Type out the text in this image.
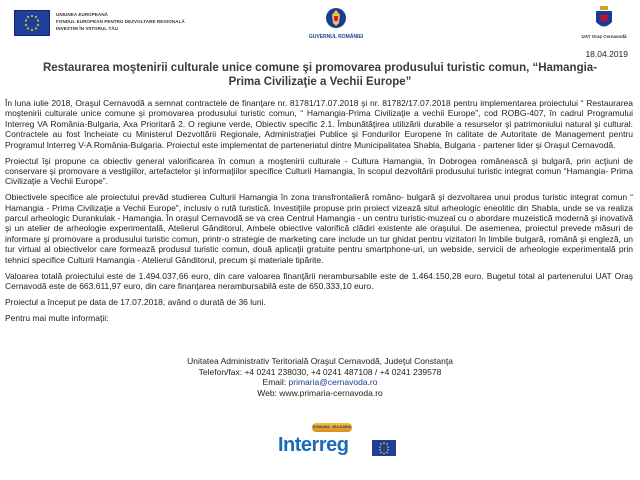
UNIUNEA EUROPEANĂ
FONDUL EUROPEAN PENTRU DEZVOLTARE REGIONALĂ
INVESTIM ÎN VIITORUL TĂU
GUVERNUL ROMÂNIEI	UAT Oraş Cernavodă
18.04.2019
Restaurarea moştenirii culturale unice comune şi promovarea produsului turistic comun, “Hamangia-Prima Civilizaţie a Vechii Europe”

În luna iulie 2018, Oraşul Cernavodă a semnat contractele de finanţare nr. 81781/17.07.2018 şi nr. 81782/17.07.2018 pentru implementarea proiectului “ Restaurarea moştenirii culturale unice comune şi promovarea produsului turistic comun, “ Hamangia-Prima Civilizaţie a vechii Europe”, cod ROBG-407, în cadrul Programului Interreg VA România-Bulgaria, Axa Prioritară 2. O regiune verde, Obiectiv specific 2.1. Îmbunătăţirea utilizării durabile a resurselor şi patrimoniului natural şi cultural. Contractele au fost încheiate cu Ministerul Dezvoltării Regionale, Administraţiei Publice şi Fondurilor Europene în calitate de Autoritate de Management pentru Programul Interreg V-A România-Bulgaria. Proiectul este implementat de parteneriatul dintre Municipalitatea Shabla, Bulgaria - partener lider şi Oraşul Cernavodă.

Proiectul îşi propune ca obiectiv general valorificarea în comun a moştenirii culturale - Cultura Hamangia, în Dobrogea românească şi bulgară, prin acţiuni de conservare şi promovare a vestigiilor, artefactelor şi informaţiilor specifice Culturii Hamangia, în scopul dezvoltării produsului turistic integrat comun “Hamangia- Prima Civilizaţie a Vechii Europe”.

Obiectivele specifice ale proiectului prevăd studierea Culturii Hamangia în zona transfrontalieră româno- bulgară şi dezvoltarea unui produs turistic integrat comun “ Hamangia - Prima Civilizaţie a Vechii Europe”, inclusiv o rută turistică. Investiţiile propuse prin proiect vizează situl arheologic eneolitic din Shabla, unde se va realiza parcul arheologic Durankulak - Hamangia. În oraşul Cernavodă se va crea Centrul Hamangia - un centru turistic-muzeal cu o abordare muzeistică modernă şi inovativă şi un atelier de arheologie experimentală, Atelierul Gânditorul. Ambele obiective valorifică clădiri existente ale oraşului. De asemenea, proiectul prevede măsuri de informare şi promovare a produsului turistic comun, printr-o strategie de marketing care include un tur ghidat pentru vizitatori în limbile bulgară, română şi engleză, un tur virtual al obiectivelor care formează produsul turistic comun, două aplicaţii gratuite pentru smartphone-uri, un webside, servicii de arheologie experimentală prin tehnici specifice Culturii Hamangia - Atelierul Gânditorul, precum şi materiale tipărite.

Valoarea totală proiectului este de 1.494.037,66 euro, din care valoarea finanţării nerambursabile este de 1.464.150,28 euro. Bugetul total al partenerului UAT Oraş Cernavodă este de 663.611,97 euro, din care finanţarea nerambursabilă este de 650.333,10 euro.

Proiectul a început pe data de 17.07.2018, având o durată de 36 luni.

Pentru mai multe informaţii:

Unitatea Administrativ Teritorială Oraşul Cernavodă, Judeţul Constanţa
Telefon/fax: +4 0241 238030, +4 0241 487108 / +4 0241 239578
Email: primaria@cernavoda.ro
Web: www.primaria-cernavoda.ro
ROMANIA - BULGARIA
Interreg
